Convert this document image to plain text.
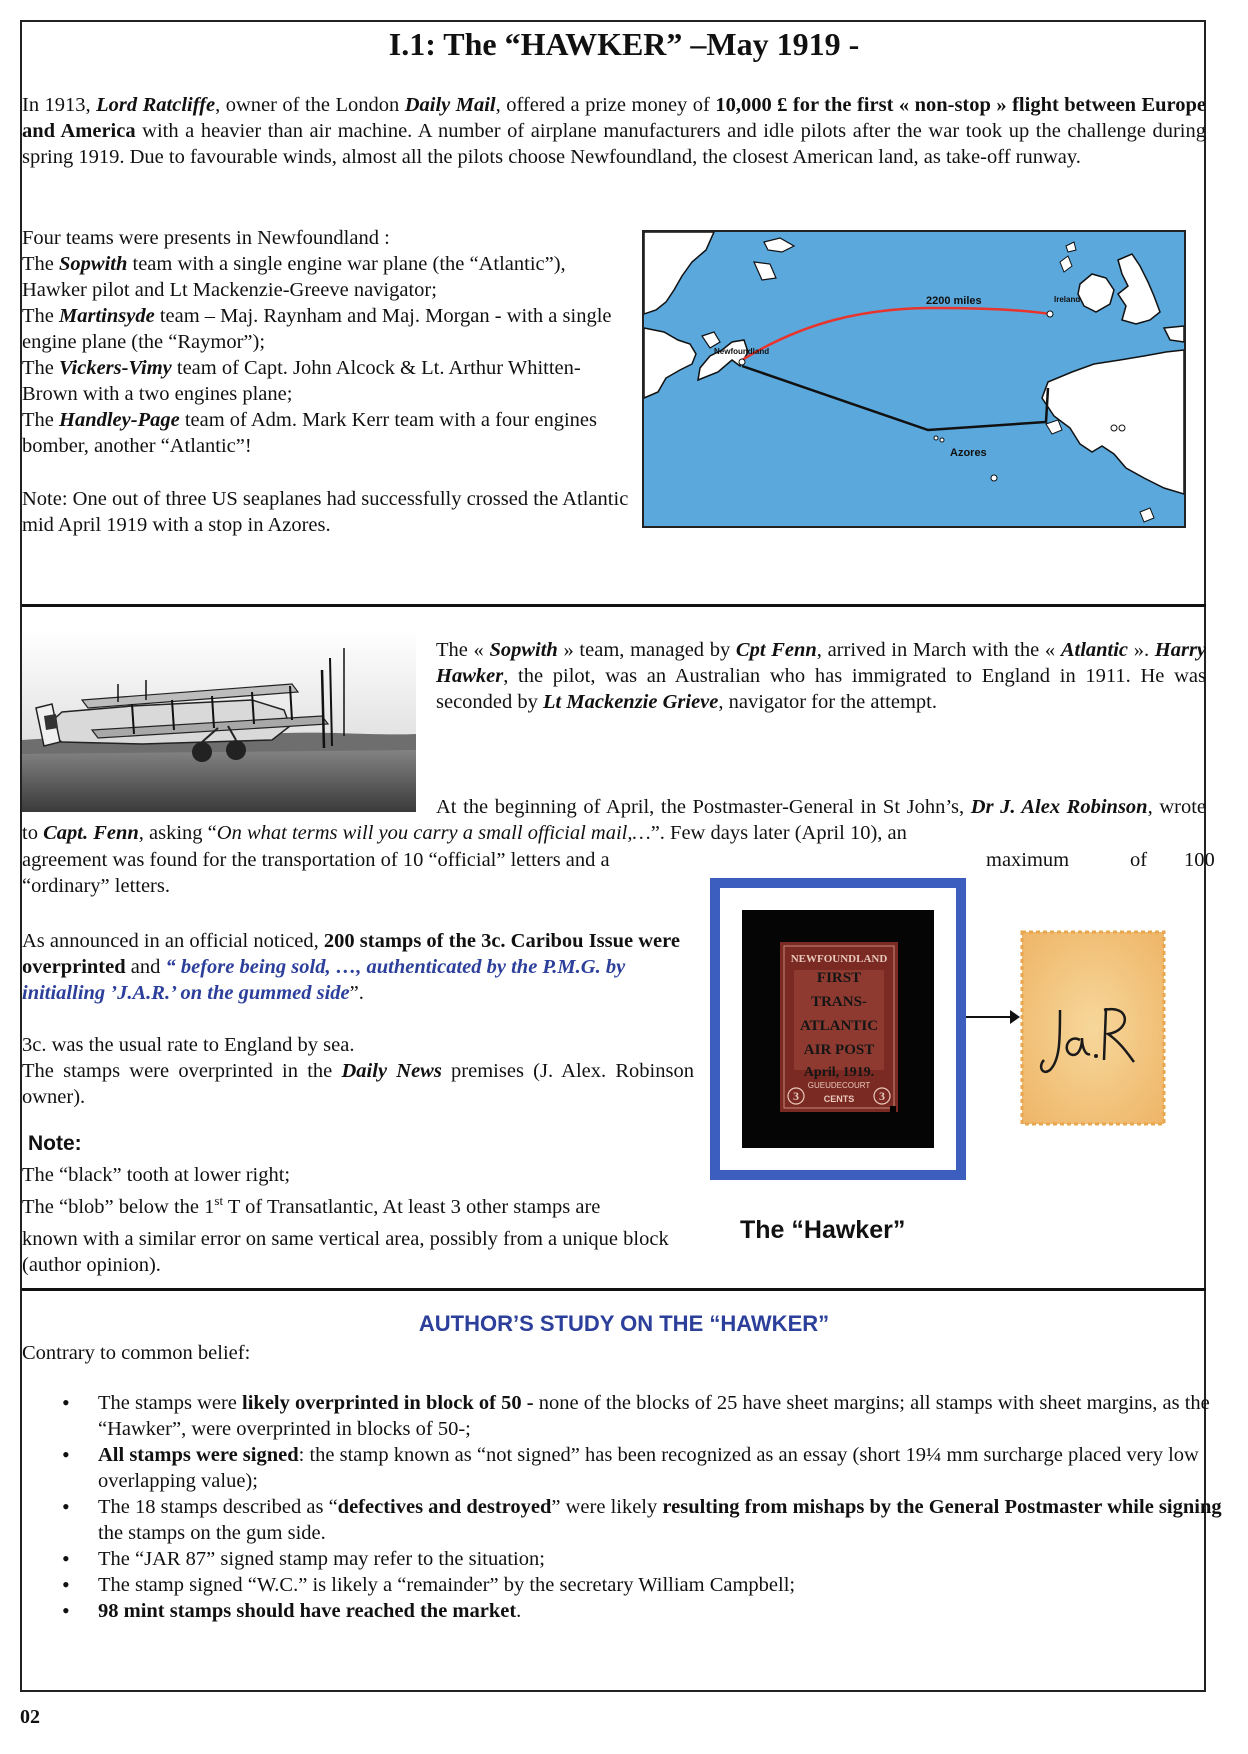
I.1: The “HAWKER” –May 1919 -
In 1913, Lord Ratcliffe, owner of the London Daily Mail, offered a prize money of 10,000 £ for the first « non-stop » flight between Europe and America with a heavier than air machine. A number of airplane manufacturers and idle pilots after the war took up the challenge during spring 1919. Due to favourable winds, almost all the pilots choose Newfoundland, the closest American land, as take-off runway.
Four teams were presents in Newfoundland :
The Sopwith team with a single engine war plane (the “Atlantic”), Hawker pilot and Lt Mackenzie-Greeve navigator;
The Martinsyde team – Maj. Raynham and Maj. Morgan - with a single engine plane (the “Raymor”);
The Vickers-Vimy team of Capt. John Alcock & Lt. Arthur Whitten-Brown with a two engines plane;
The Handley-Page team of Adm. Mark Kerr team with a four engines bomber, another “Atlantic”!
Note: One out of three US seaplanes had successfully crossed the Atlantic mid April 1919 with a stop in Azores.
2200 miles	Ireland
Newfoundland
Azores
The « Sopwith » team, managed by Cpt Fenn, arrived in March with the « Atlantic ». Harry Hawker, the pilot, was an Australian who has immigrated to England in 1911. He was seconded by Lt Mackenzie Grieve, navigator for the attempt.
At the beginning of April, the Postmaster-General in St John’s, Dr J. Alex Robinson, wrote to Capt. Fenn, asking “On what terms will you carry a small official mail,…”. Few days later (April 10), an
agreement was found for the transportation of 10 “official” letters and a	maximum	of 100
“ordinary” letters.
As announced in an official noticed, 200 stamps of the 3c. Caribou Issue were overprinted and “ before being sold, …, authenticated by the P.M.G. by initialling ’J.A.R.’ on the gummed side”.
3c. was the usual rate to England by sea.
The stamps were overprinted in the Daily News premises (J. Alex. Robinson owner).
Note:
The “black” tooth at lower right;
The “blob” below the 1st T of Transatlantic, At least 3 other stamps are
known with a similar error on same vertical area, possibly from a unique block (author opinion).
NEWFOUNDLAND
FIRST
TRANS-
ATLANTIC
AIR POST
April, 1919.
GUEUDECOURT
3	3
CENTS
The “Hawker”
AUTHOR’S STUDY ON THE “HAWKER”
Contrary to common belief:
• The stamps were likely overprinted in block of 50 - none of the blocks of 25 have sheet margins; all stamps with sheet margins, as the “Hawker”, were overprinted in blocks of 50-;
• All stamps were signed: the stamp known as “not signed” has been recognized as an essay (short 19¼ mm surcharge placed very low overlapping value);
• The 18 stamps described as “defectives and destroyed” were likely resulting from mishaps by the General Postmaster while signing the stamps on the gum side.
• The “JAR 87” signed stamp may refer to the situation;
• The stamp signed “W.C.” is likely a “remainder” by the secretary William Campbell;
• 98 mint stamps should have reached the market.
02
